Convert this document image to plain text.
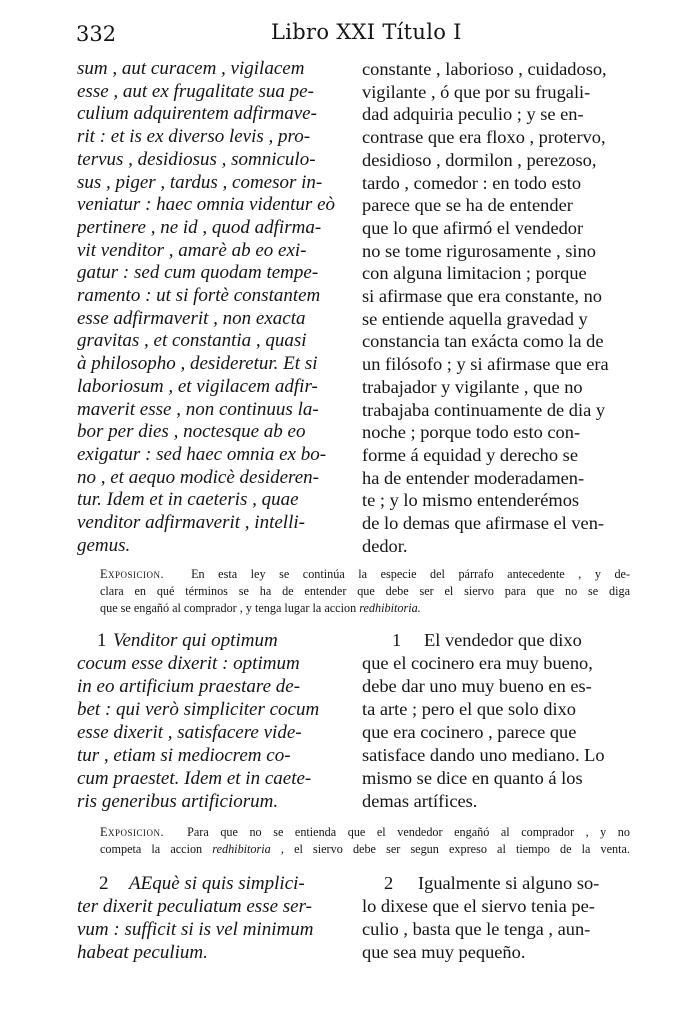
332	Libro XXI Título I
sum , aut curacem , vigilacem
esse , aut ex frugalitate sua pe-
culium adquirentem adfirmave-
rit : et is ex diverso levis , pro-
tervus , desidiosus , somniculo-
sus , piger , tardus , comesor in-
veniatur : haec omnia videntur eò
pertinere , ne id , quod adfirma-
vit venditor , amarè ab eo exi-
gatur : sed cum quodam tempe-
ramento : ut si fortè constantem
esse adfirmaverit , non exacta
gravitas , et constantia , quasi
à philosopho , desideretur. Et si
laboriosum , et vigilacem adfir-
maverit esse , non continuus la-
bor per dies , noctesque ab eo
exigatur : sed haec omnia ex bo-
no , et aequo modicè desideren-
tur. Idem et in caeteris , quae
venditor adfirmaverit , intelli-
gemus.
constante , laborioso , cuidadoso,
vigilante , ó que por su frugali-
dad adquiria peculio ; y se en-
contrase que era floxo , protervo,
desidioso , dormilon , perezoso,
tardo , comedor : en todo esto
parece que se ha de entender
que lo que afirmó el vendedor
no se tome rigurosamente , sino
con alguna limitacion ; porque
si afirmase que era constante, no
se entiende aquella gravedad y
constancia tan exácta como la de
un filósofo ; y si afirmase que era
trabajador y vigilante , que no
trabajaba continuamente de dia y
noche ; porque todo esto con-
forme á equidad y derecho se
ha de entender moderadamen-
te ; y lo mismo entenderémos
de lo demas que afirmase el ven-
dedor.
Exposicion. En esta ley se continúa la especie del párrafo antecedente , y de-
clara en qué términos se ha de entender que debe ser el siervo para que no se diga
que se engañó al comprador , y tenga lugar la accion redhibitoria.
1 Venditor qui optimum
cocum esse dixerit : optimum
in eo artificium praestare de-
bet : qui verò simpliciter cocum
esse dixerit , satisfacere vide-
tur , etiam si mediocrem co-
cum praestet. Idem et in caete-
ris generibus artificiorum.
1 El vendedor que dixo
que el cocinero era muy bueno,
debe dar uno muy bueno en es-
ta arte ; pero el que solo dixo
que era cocinero , parece que
satisface dando uno mediano. Lo
mismo se dice en quanto á los
demas artífices.
Exposicion. Para que no se entienda que el vendedor engañó al comprador , y no
competa la accion redhibitoria , el siervo debe ser segun expreso al tiempo de la venta.
2 AEquè si quis simplici-
ter dixerit peculiatum esse ser-
vum : sufficit si is vel minimum
habeat peculium.
2 Igualmente si alguno so-
lo dixese que el siervo tenia pe-
culio , basta que le tenga , aun-
que sea muy pequeño.
